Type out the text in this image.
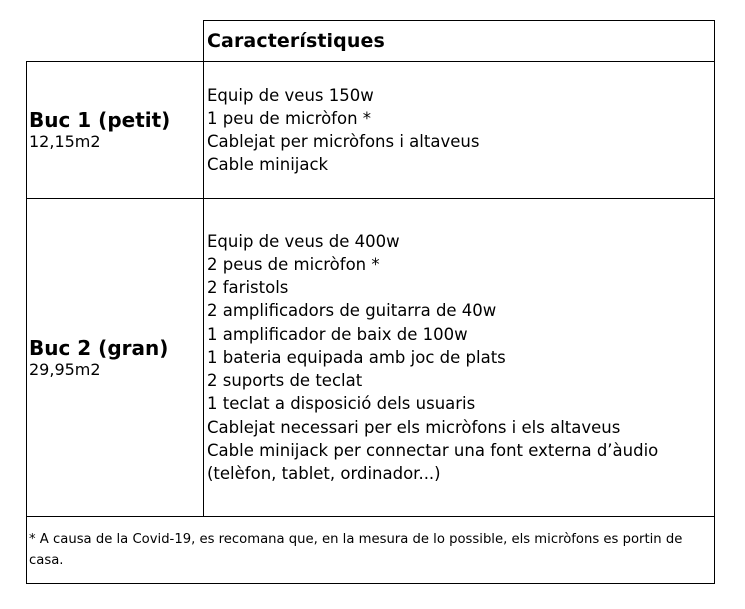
Característiques
Buc 1 (petit)
12,15m2
Equip de veus 150w
1 peu de micròfon *
Cablejat per micròfons i altaveus
Cable minijack
Buc 2 (gran)
29,95m2
Equip de veus de 400w
2 peus de micròfon *
2 faristols
2 amplificadors de guitarra de 40w
1 amplificador de baix de 100w
1 bateria equipada amb joc de plats
2 suports de teclat
1 teclat a disposició dels usuaris
Cablejat necessari per els micròfons i els altaveus
Cable minijack per connectar una font externa d’àudio
(telèfon, tablet, ordinador...)
* A causa de la Covid-19, es recomana que, en la mesura de lo possible, els micròfons es portin de casa.
